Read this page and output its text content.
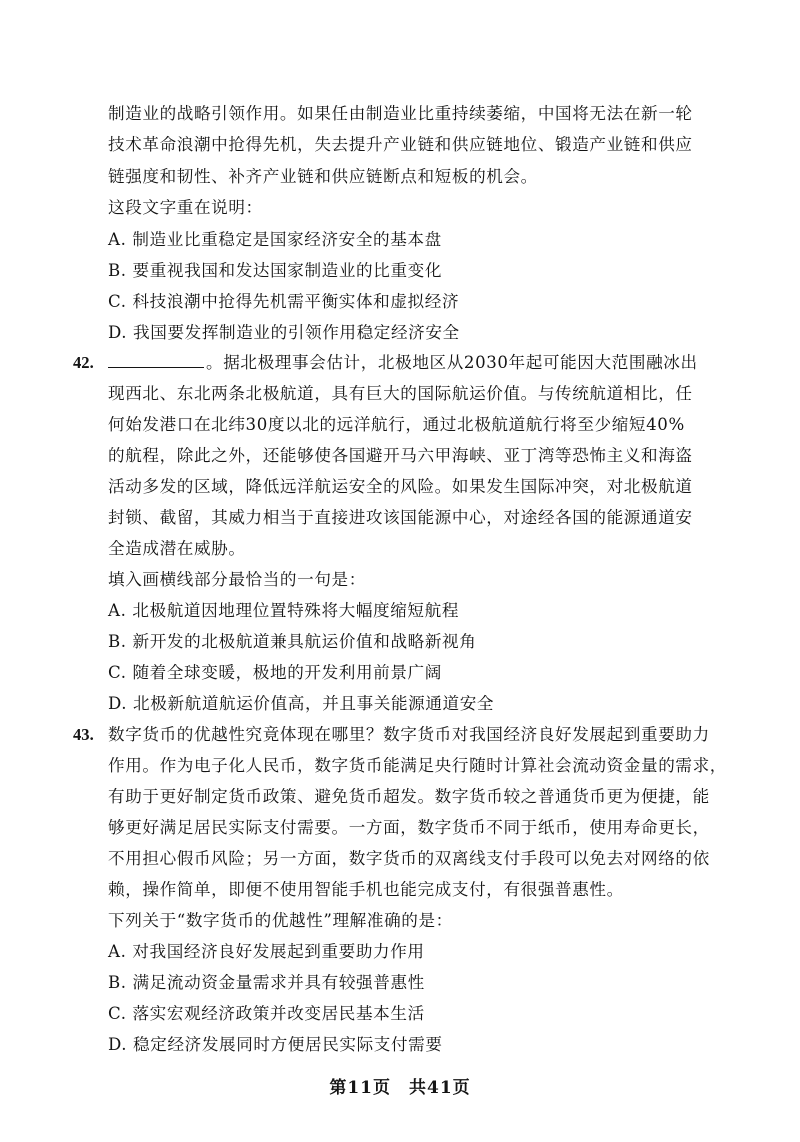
制造业的战略引领作用。如果任由制造业比重持续萎缩，中国将无法在新一轮
技术革命浪潮中抢得先机，失去提升产业链和供应链地位、锻造产业链和供应
链强度和韧性、补齐产业链和供应链断点和短板的机会。
这段文字重在说明：
A. 制造业比重稳定是国家经济安全的基本盘
B. 要重视我国和发达国家制造业的比重变化
C. 科技浪潮中抢得先机需平衡实体和虚拟经济
D. 我国要发挥制造业的引领作用稳定经济安全
42.	。据北极理事会估计，北极地区从2030年起可能因大范围融冰出
现西北、东北两条北极航道，具有巨大的国际航运价值。与传统航道相比，任
何始发港口在北纬30度以北的远洋航行，通过北极航道航行将至少缩短40%
的航程，除此之外，还能够使各国避开马六甲海峡、亚丁湾等恐怖主义和海盗
活动多发的区域，降低远洋航运安全的风险。如果发生国际冲突，对北极航道
封锁、截留，其威力相当于直接进攻该国能源中心，对途经各国的能源通道安
全造成潜在威胁。
填入画横线部分最恰当的一句是：
A. 北极航道因地理位置特殊将大幅度缩短航程
B. 新开发的北极航道兼具航运价值和战略新视角
C. 随着全球变暖，极地的开发利用前景广阔
D. 北极新航道航运价值高，并且事关能源通道安全
43. 数字货币的优越性究竟体现在哪里？数字货币对我国经济良好发展起到重要助力
作用。作为电子化人民币，数字货币能满足央行随时计算社会流动资金量的需求，
有助于更好制定货币政策、避免货币超发。数字货币较之普通货币更为便捷，能
够更好满足居民实际支付需要。一方面，数字货币不同于纸币，使用寿命更长，
不用担心假币风险；另一方面，数字货币的双离线支付手段可以免去对网络的依
赖，操作简单，即便不使用智能手机也能完成支付，有很强普惠性。
下列关于“数字货币的优越性”理解准确的是：
A. 对我国经济良好发展起到重要助力作用
B. 满足流动资金量需求并具有较强普惠性
C. 落实宏观经济政策并改变居民基本生活
D. 稳定经济发展同时方便居民实际支付需要
第11页　共41页
